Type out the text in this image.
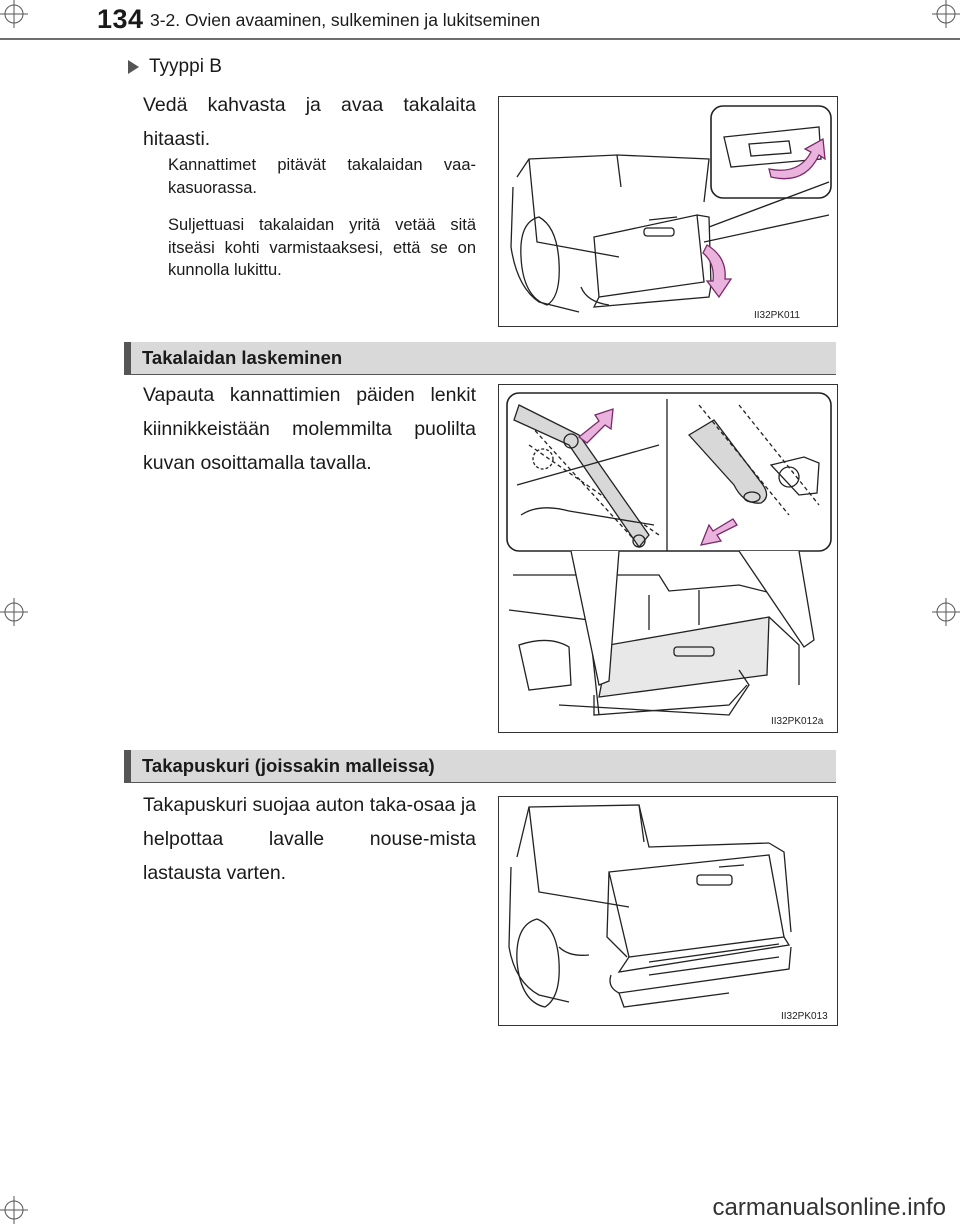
134 3-2. Ovien avaaminen, sulkeminen ja lukitseminen
Tyyppi B
Vedä kahvasta ja avaa takalaita hitaasti.
Kannattimet pitävät takalaidan vaa-kasuorassa.
Suljettuasi takalaidan yritä vetää sitä itseäsi kohti varmistaaksesi, että se on kunnolla lukittu.
II32PK011
Takalaidan laskeminen
Vapauta kannattimien päiden lenkit kiinnikkeistään molemmilta puolilta kuvan osoittamalla tavalla.
II32PK012a
Takapuskuri (joissakin malleissa)
Takapuskuri suojaa auton taka-osaa ja helpottaa lavalle nouse-mista lastausta varten.
II32PK013
carmanualsonline.info
